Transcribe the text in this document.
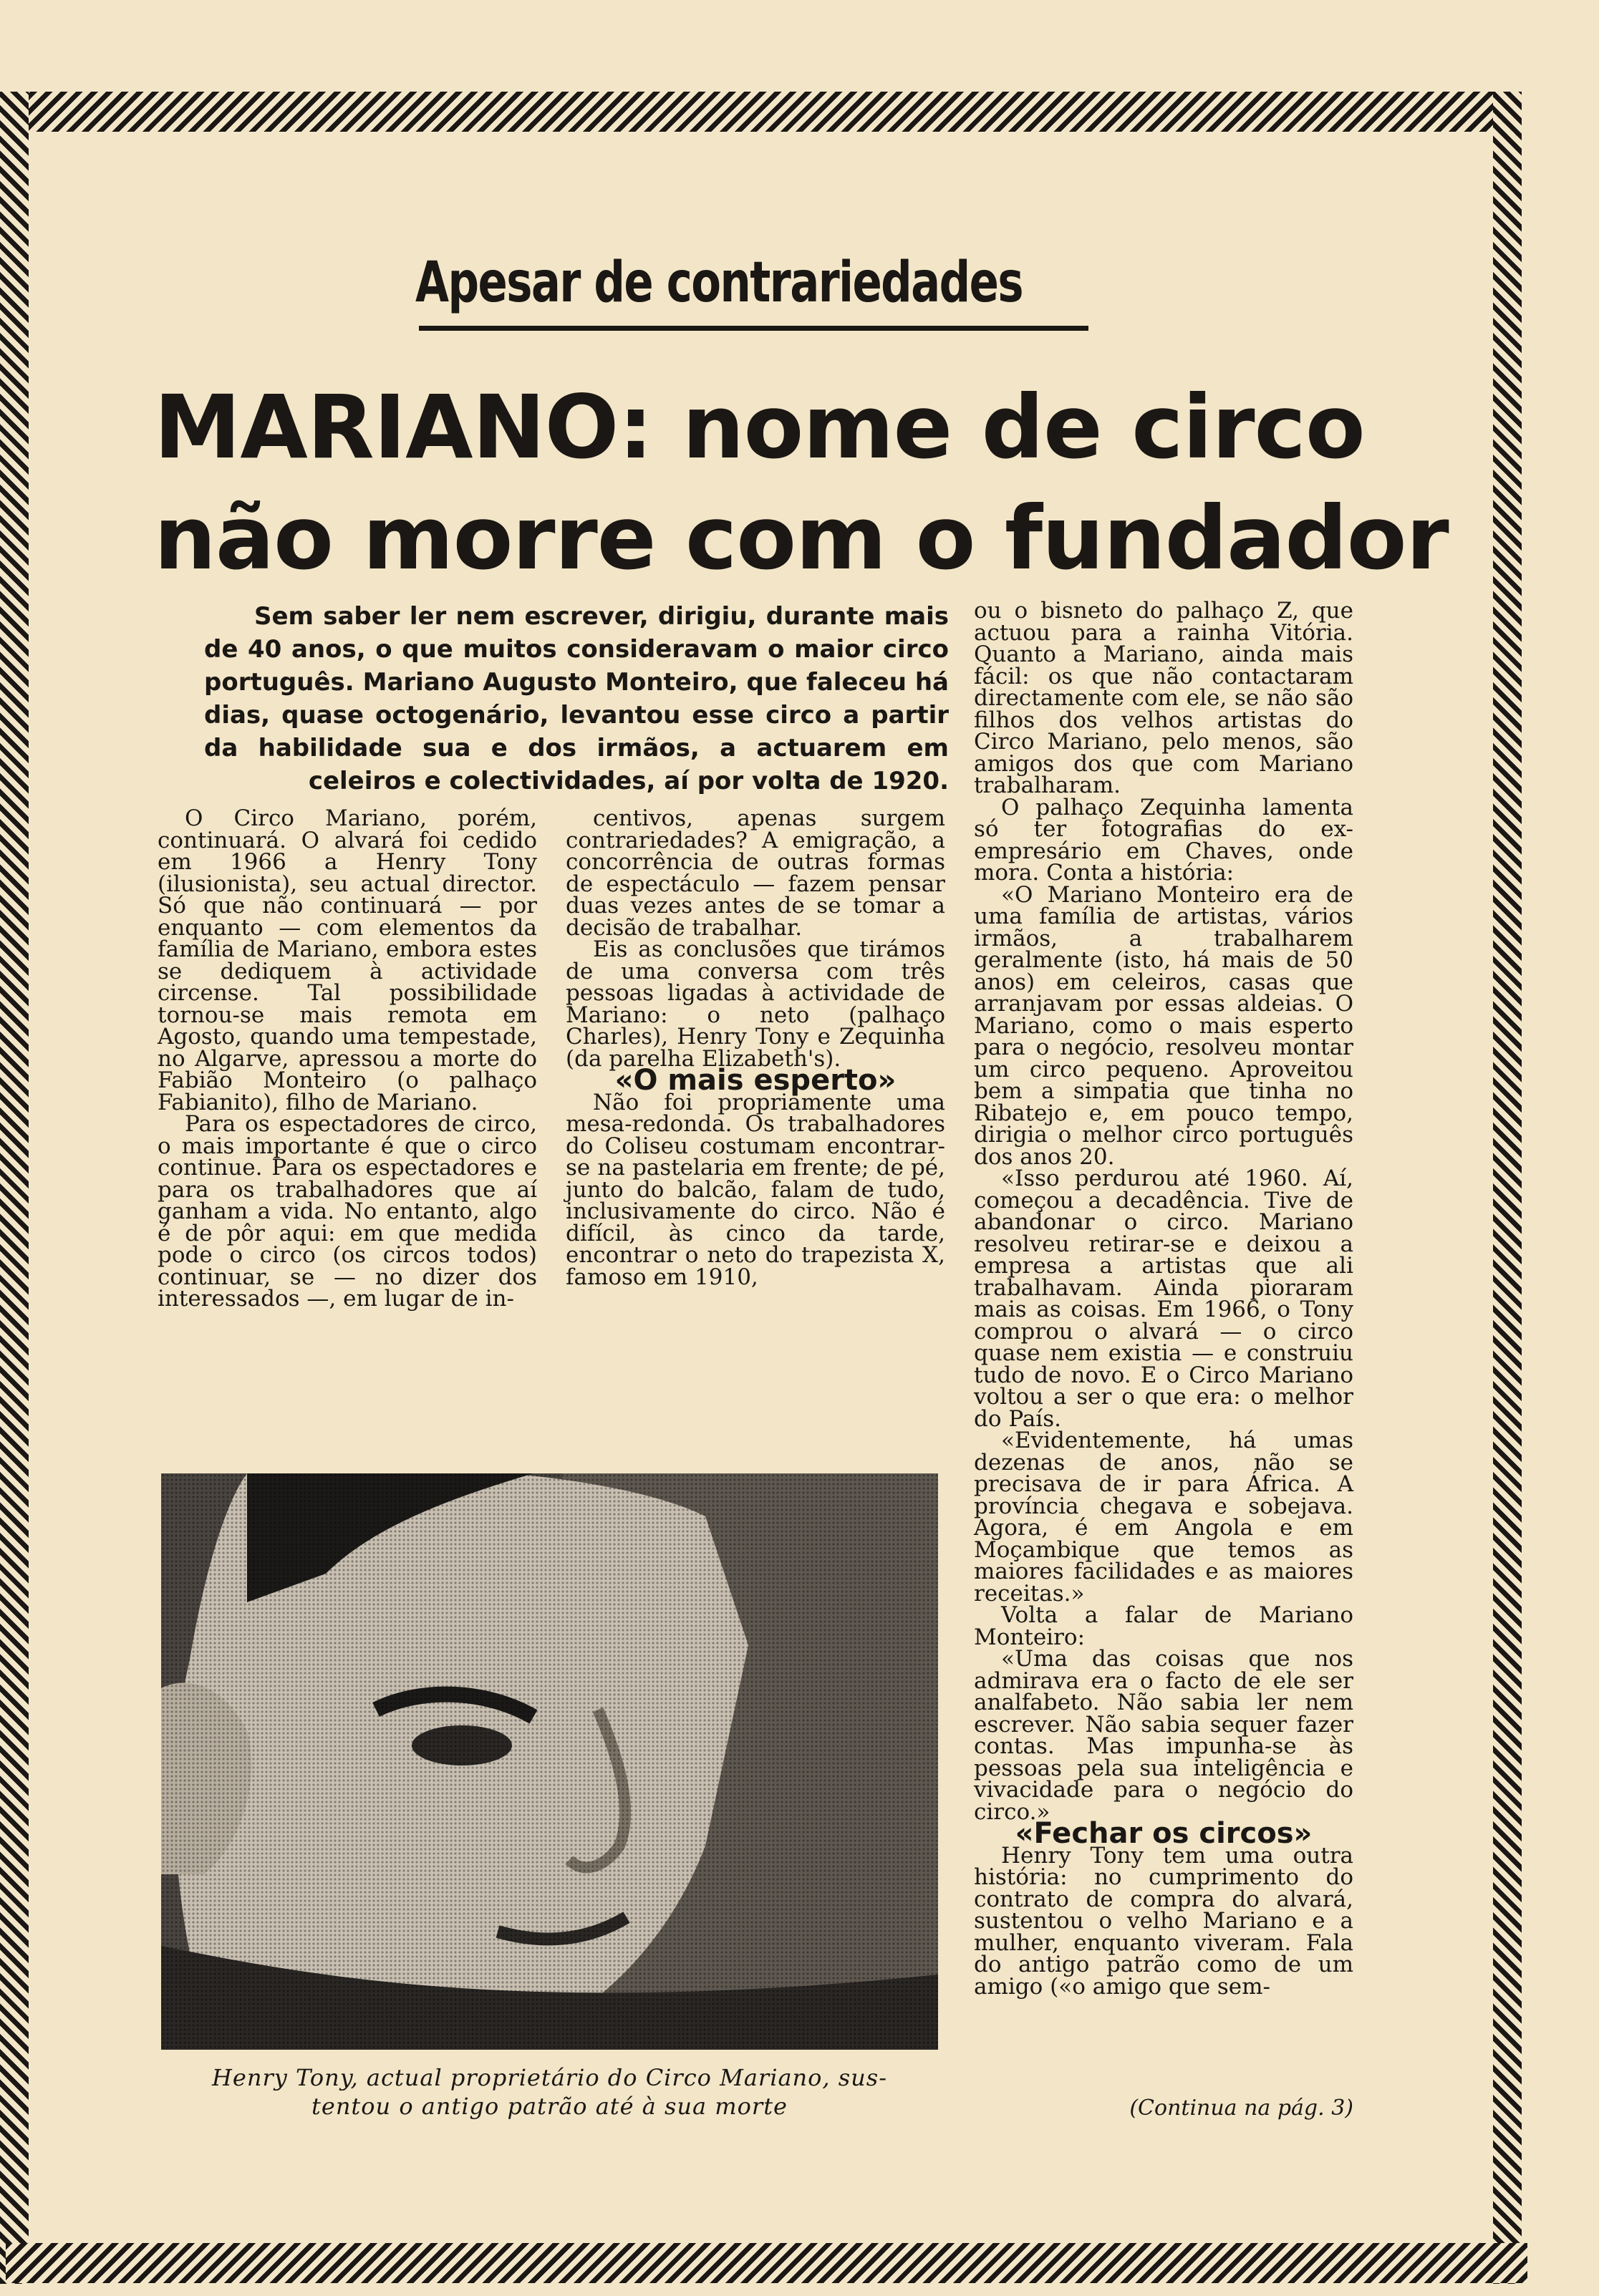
Apesar de contrariedades
MARIANO: nome de circo
não morre com o fundador
Sem saber ler nem escrever, dirigiu, durante mais de 40 anos, o que muitos consideravam o maior circo português. Mariano Augusto Monteiro, que faleceu há dias, quase octogenário, levantou esse circo a partir da habilidade sua e dos irmãos, a actuarem em celeiros e colectividades, aí por volta de 1920.

O Circo Mariano, porém, continuará. O alvará foi cedido em 1966 a Henry Tony (ilusionista), seu actual director. Só que não continuará — por enquanto — com elementos da família de Mariano, embora estes se dediquem à actividade circense. Tal possibilidade tornou-se mais remota em Agosto, quando uma tempestade, no Algarve, apressou a morte do Fabião Monteiro (o palhaço Fabianito), filho de Mariano.

Para os espectadores de circo, o mais importante é que o circo continue. Para os espectadores e para os trabalhadores que aí ganham a vida. No entanto, algo é de pôr aqui: em que medida pode o circo (os circos todos) continuar, se — no dizer dos interessados —, em lugar de in-

centivos, apenas surgem contrariedades? A emigração, a concorrência de outras formas de espectáculo — fazem pensar duas vezes antes de se tomar a decisão de trabalhar.

Eis as conclusões que tirámos de uma conversa com três pessoas ligadas à actividade de Mariano: o neto (palhaço Charles), Henry Tony e Zequinha (da parelha Elizabeth's).

«O mais esperto»

Não foi propriamente uma mesa-redonda. Os trabalhadores do Coliseu costumam encontrar-se na pastelaria em frente; de pé, junto do balcão, falam de tudo, inclusivamente do circo. Não é difícil, às cinco da tarde, encontrar o neto do trapezista X, famoso em 1910,

ou o bisneto do palhaço Z, que actuou para a rainha Vitória. Quanto a Mariano, ainda mais fácil: os que não contactaram directamente com ele, se não são filhos dos velhos artistas do Circo Mariano, pelo menos, são amigos dos que com Mariano trabalharam.

O palhaço Zequinha lamenta só ter fotografias do ex-empresário em Chaves, onde mora. Conta a história:

«O Mariano Monteiro era de uma família de artistas, vários irmãos, a trabalharem geralmente (isto, há mais de 50 anos) em celeiros, casas que arranjavam por essas aldeias. O Mariano, como o mais esperto para o negócio, resolveu montar um circo pequeno. Aproveitou bem a simpatia que tinha no Ribatejo e, em pouco tempo, dirigia o melhor circo português dos anos 20.

«Isso perdurou até 1960. Aí, começou a decadência. Tive de abandonar o circo. Mariano resolveu retirar-se e deixou a empresa a artistas que ali trabalhavam. Ainda pioraram mais as coisas. Em 1966, o Tony comprou o alvará — o circo quase nem existia — e construiu tudo de novo. E o Circo Mariano voltou a ser o que era: o melhor do País.

«Evidentemente, há umas dezenas de anos, não se precisava de ir para África. A província chegava e sobejava. Agora, é em Angola e em Moçambique que temos as maiores facilidades e as maiores receitas.»

Volta a falar de Mariano Monteiro:

«Uma das coisas que nos admirava era o facto de ele ser analfabeto. Não sabia ler nem escrever. Não sabia sequer fazer contas. Mas impunha-se às pessoas pela sua inteligência e vivacidade para o negócio do circo.»

«Fechar os circos»

Henry Tony tem uma outra história: no cumprimento do contrato de compra do alvará, sustentou o velho Mariano e a mulher, enquanto viveram. Fala do antigo patrão como de um amigo («o amigo que sem-

Henry Tony, actual proprietário do Circo Mariano, sus-
tentou o antigo patrão até à sua morte	(Continua na pág. 3)
